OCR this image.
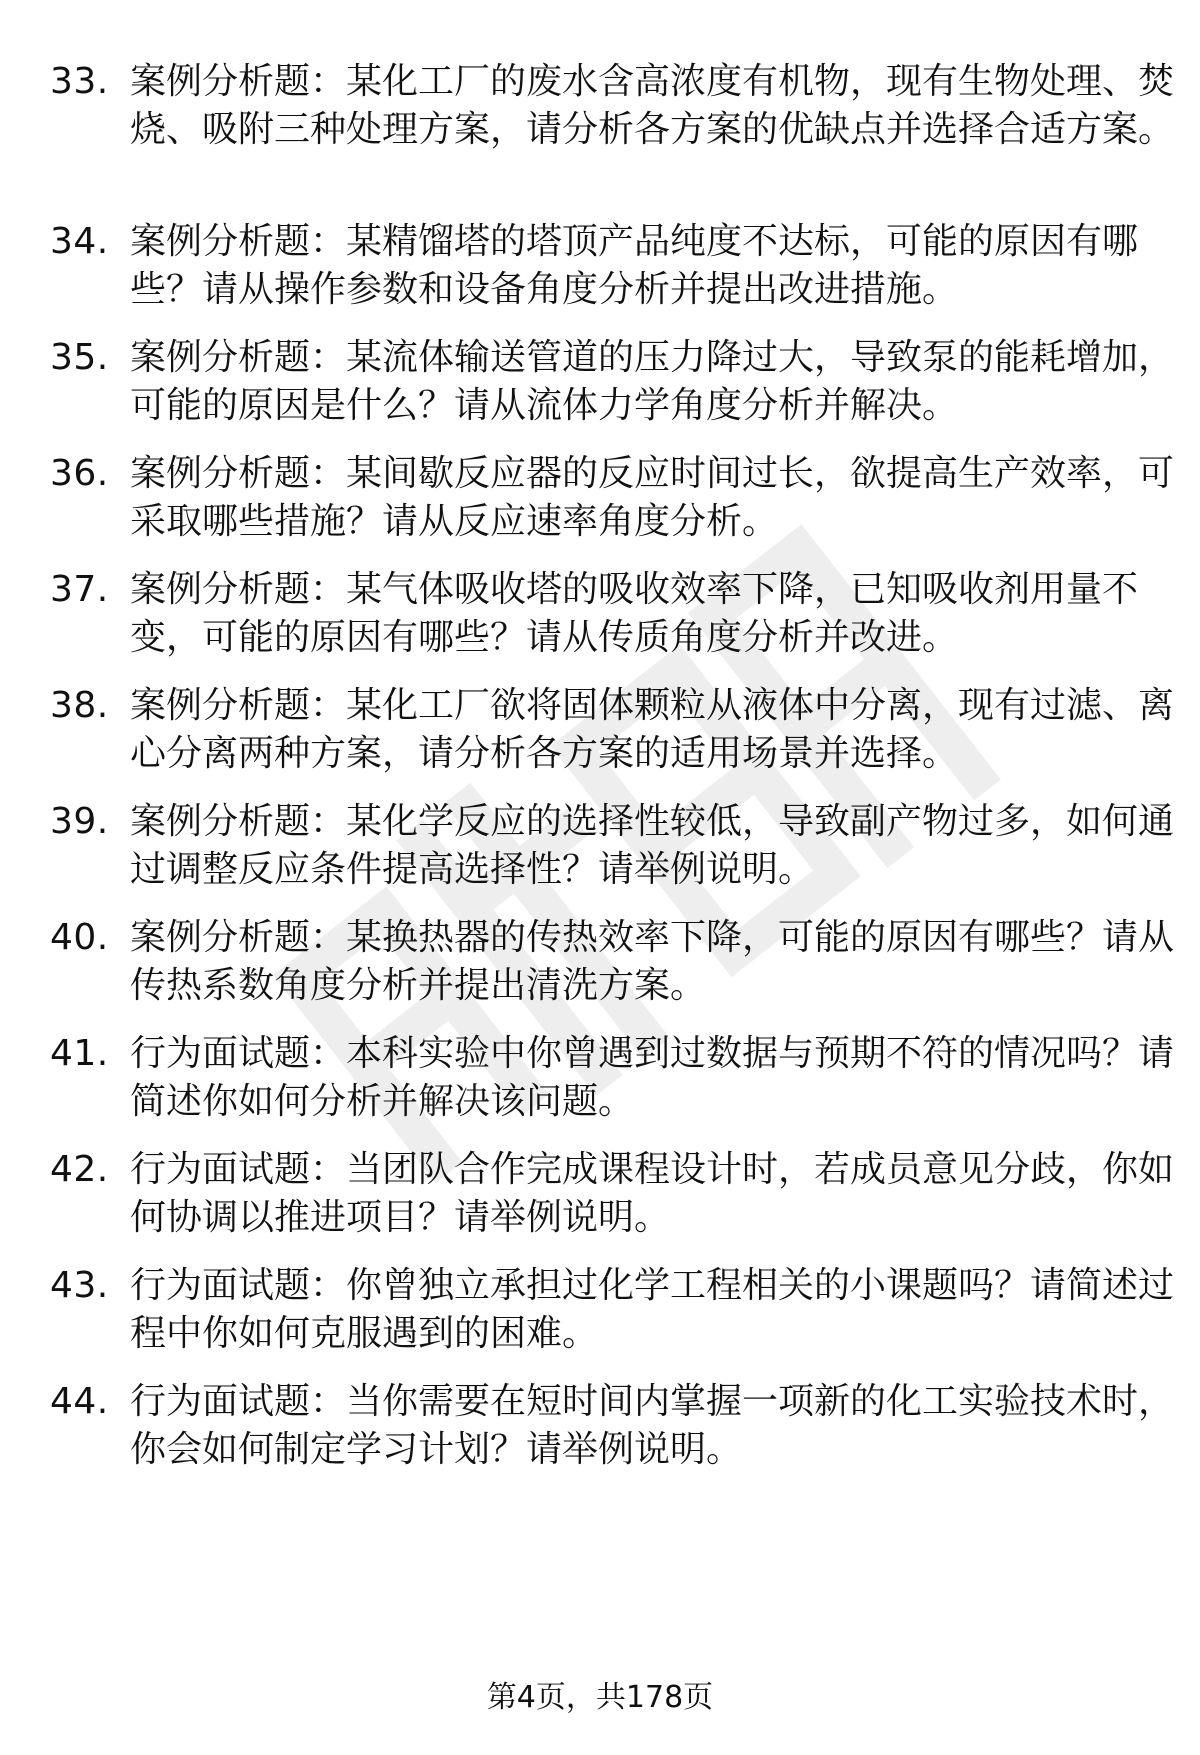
33. 案例分析题：某化工厂的废水含高浓度有机物，现有生物处理、焚烧、吸附三种处理方案，请分析各方案的优缺点并选择合适方案。
34. 案例分析题：某精馏塔的塔顶产品纯度不达标，可能的原因有哪些？请从操作参数和设备角度分析并提出改进措施。
35. 案例分析题：某流体输送管道的压力降过大，导致泵的能耗增加，可能的原因是什么？请从流体力学角度分析并解决。
36. 案例分析题：某间歇反应器的反应时间过长，欲提高生产效率，可采取哪些措施？请从反应速率角度分析。
37. 案例分析题：某气体吸收塔的吸收效率下降，已知吸收剂用量不变，可能的原因有哪些？请从传质角度分析并改进。
38. 案例分析题：某化工厂欲将固体颗粒从液体中分离，现有过滤、离心分离两种方案，请分析各方案的适用场景并选择。
39. 案例分析题：某化学反应的选择性较低，导致副产物过多，如何通过调整反应条件提高选择性？请举例说明。
40. 案例分析题：某换热器的传热效率下降，可能的原因有哪些？请从传热系数角度分析并提出清洗方案。
41. 行为面试题：本科实验中你曾遇到过数据与预期不符的情况吗？请简述你如何分析并解决该问题。
42. 行为面试题：当团队合作完成课程设计时，若成员意见分歧，你如何协调以推进项目？请举例说明。
43. 行为面试题：你曾独立承担过化学工程相关的小课题吗？请简述过程中你如何克服遇到的困难。
44. 行为面试题：当你需要在短时间内掌握一项新的化工实验技术时，你会如何制定学习计划？请举例说明。
第4页，共178页
